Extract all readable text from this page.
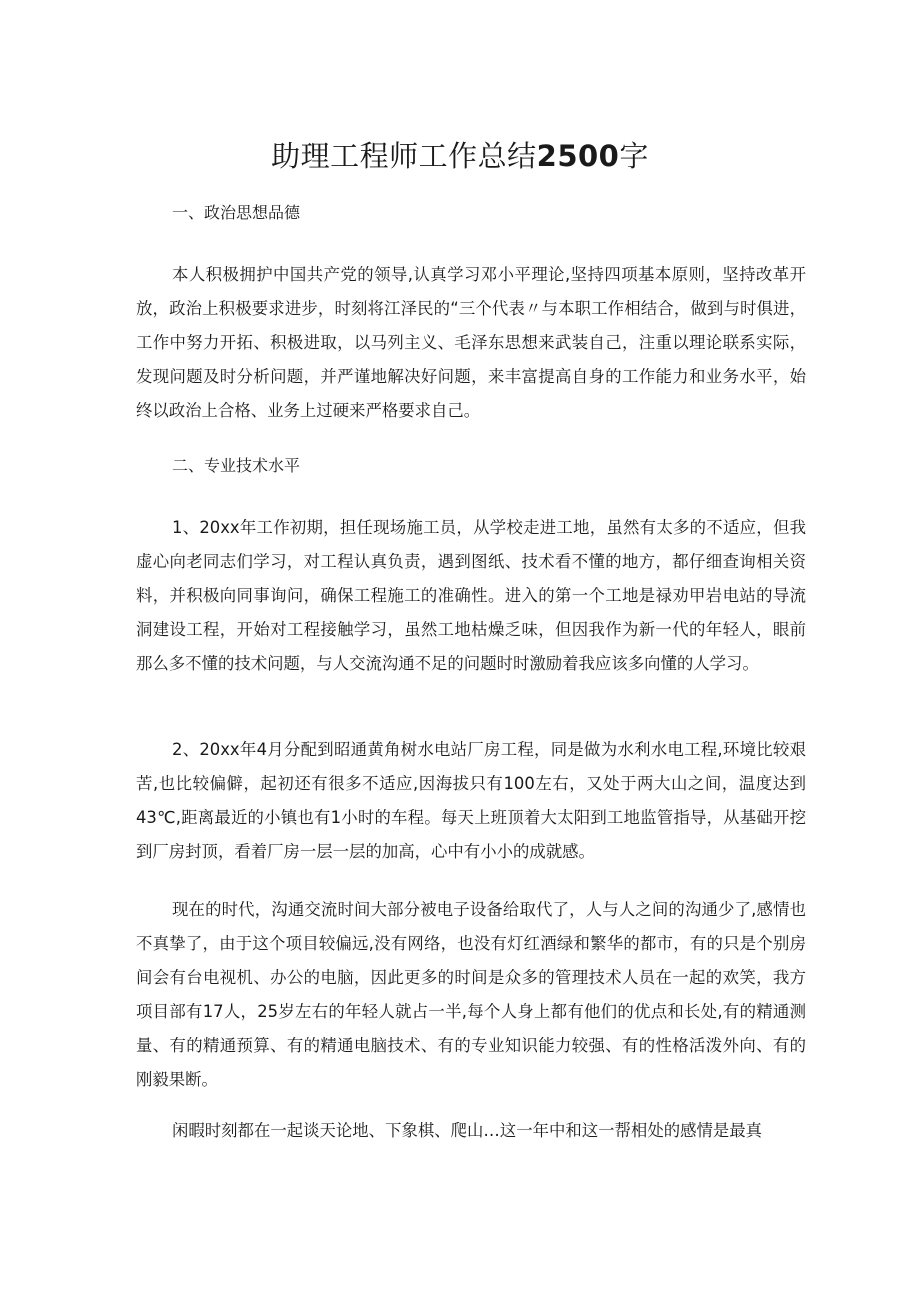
助理工程师工作总结2500字
一、政治思想品德

本人积极拥护中国共产党的领导,认真学习邓小平理论,坚持四项基本原则，坚持改革开放，政治上积极要求进步，时刻将江泽民的“三个代表〃与本职工作相结合，做到与时俱进，工作中努力开拓、积极进取，以马列主义、毛泽东思想来武装自己，注重以理论联系实际，发现问题及时分析问题，并严谨地解决好问题，来丰富提高自身的工作能力和业务水平，始终以政治上合格、业务上过硬来严格要求自己。

二、专业技术水平

1、20xx年工作初期，担任现场施工员，从学校走进工地，虽然有太多的不适应，但我虚心向老同志们学习，对工程认真负责，遇到图纸、技术看不懂的地方，都仔细查询相关资料，并积极向同事询问，确保工程施工的准确性。进入的第一个工地是禄劝甲岩电站的导流洞建设工程，开始对工程接触学习，虽然工地枯燥乏味，但因我作为新一代的年轻人，眼前那么多不懂的技术问题，与人交流沟通不足的问题时时激励着我应该多向懂的人学习。

2、20xx年4月分配到昭通黄角树水电站厂房工程，同是做为水利水电工程,环境比较艰苦,也比较偏僻，起初还有很多不适应,因海拔只有100左右，又处于两大山之间，温度达到43℃,距离最近的小镇也有1小时的车程。每天上班顶着大太阳到工地监管指导，从基础开挖到厂房封顶，看着厂房一层一层的加高，心中有小小的成就感。

现在的时代，沟通交流时间大部分被电子设备给取代了，人与人之间的沟通少了,感情也不真挚了，由于这个项目较偏远,没有网络，也没有灯红酒绿和繁华的都市，有的只是个别房间会有台电视机、办公的电脑，因此更多的时间是众多的管理技术人员在一起的欢笑，我方项目部有17人，25岁左右的年轻人就占一半,每个人身上都有他们的优点和长处,有的精通测量、有的精通预算、有的精通电脑技术、有的专业知识能力较强、有的性格活泼外向、有的刚毅果断。

闲暇时刻都在一起谈天论地、下象棋、爬山…这一年中和这一帮相处的感情是最真
